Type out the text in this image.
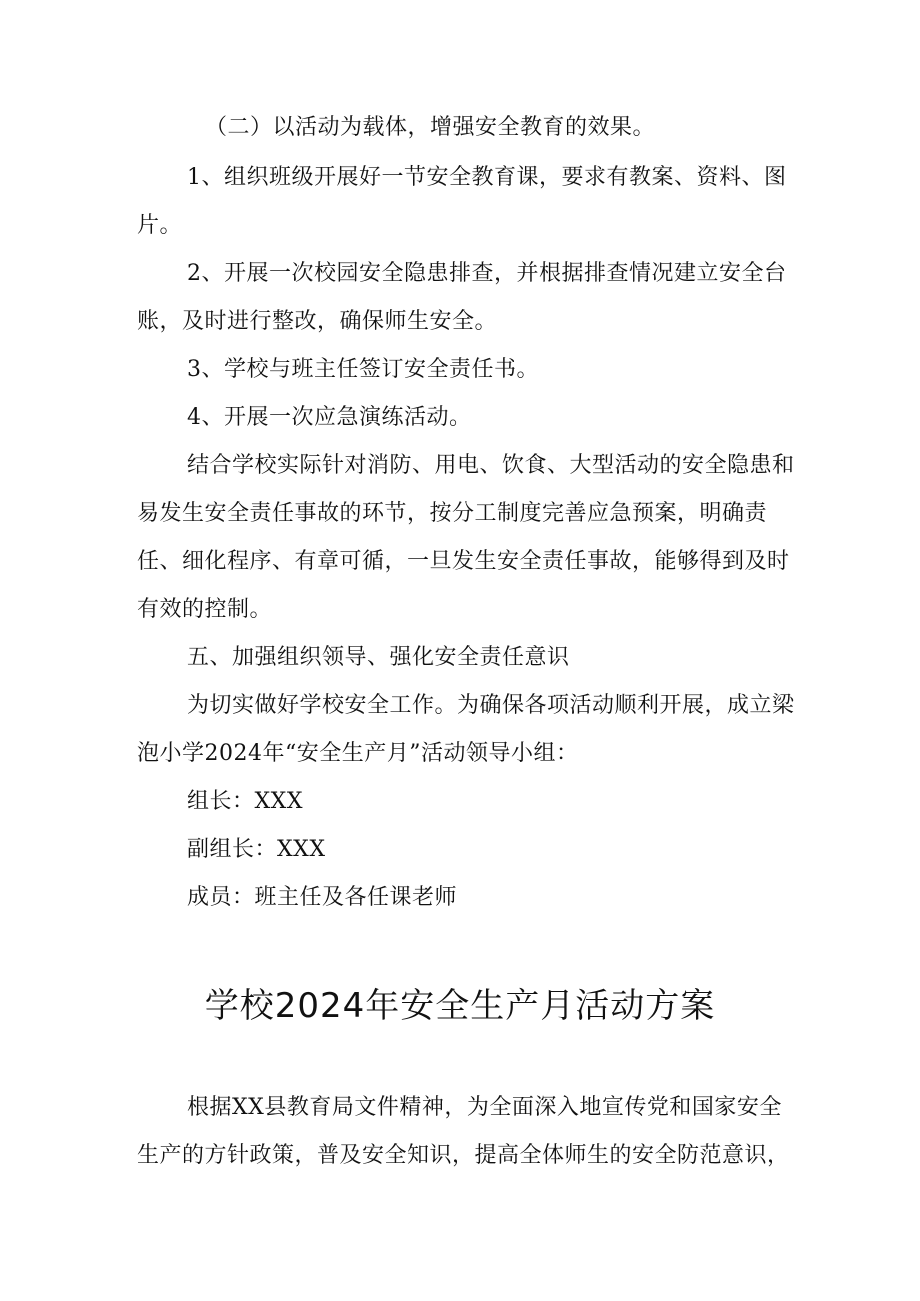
（二）以活动为载体，增强安全教育的效果。

1、组织班级开展好一节安全教育课，要求有教案、资料、图片。

2、开展一次校园安全隐患排查，并根据排查情况建立安全台账，及时进行整改，确保师生安全。

3、学校与班主任签订安全责任书。

4、开展一次应急演练活动。

结合学校实际针对消防、用电、饮食、大型活动的安全隐患和易发生安全责任事故的环节，按分工制度完善应急预案，明确责任、细化程序、有章可循，一旦发生安全责任事故，能够得到及时有效的控制。

五、加强组织领导、强化安全责任意识

为切实做好学校安全工作。为确保各项活动顺利开展，成立梁泡小学2024年“安全生产月”活动领导小组：

组长：XXX

副组长：XXX

成员：班主任及各任课老师

学校2024年安全生产月活动方案

根据XX县教育局文件精神，为全面深入地宣传党和国家安全生产的方针政策，普及安全知识，提高全体师生的安全防范意识，
